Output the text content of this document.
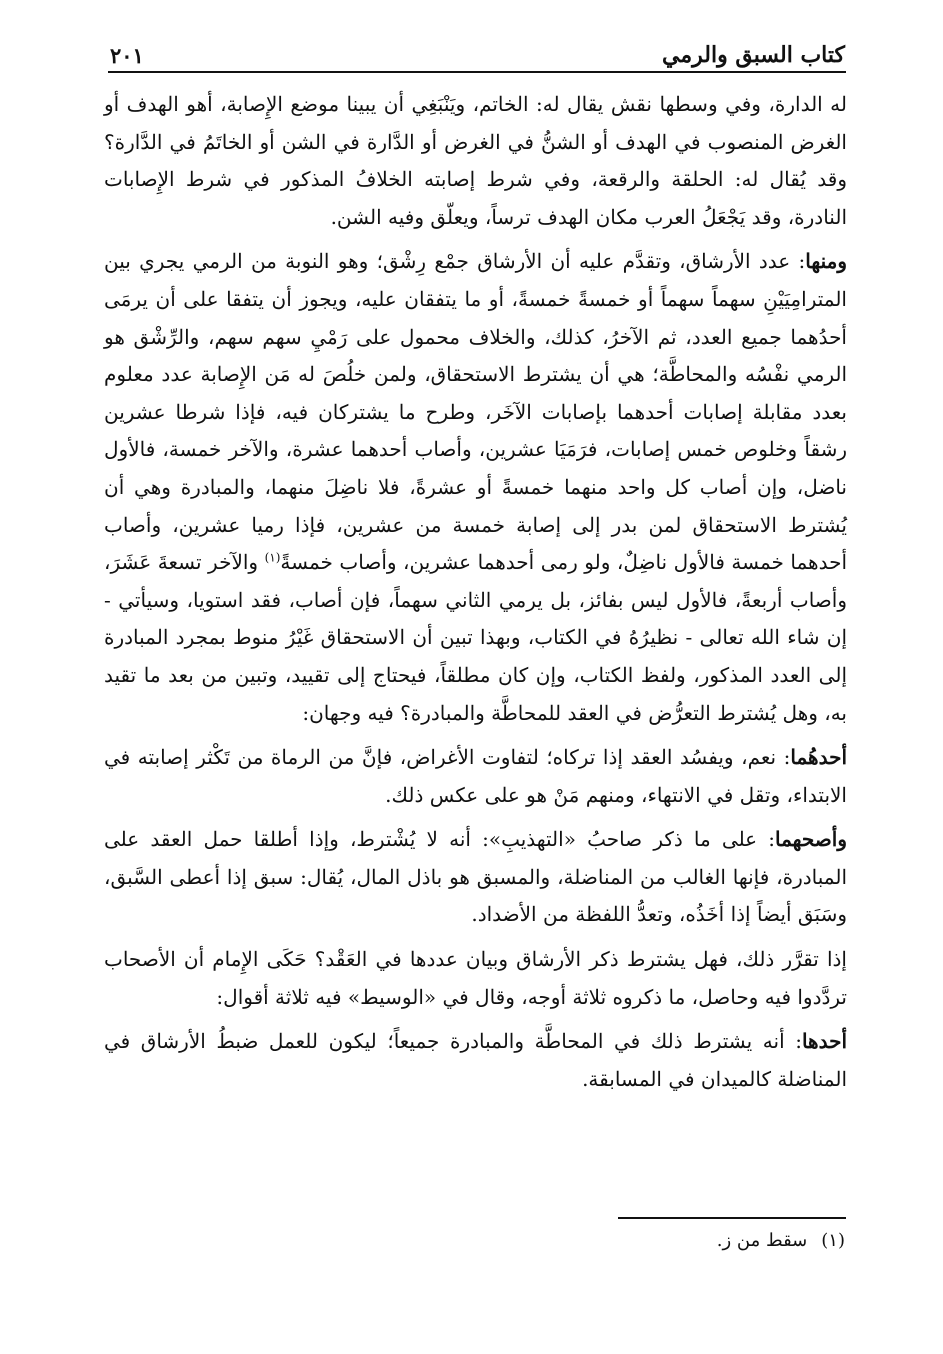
كتاب السبق والرمي
٢٠١

له الدارة، وفي وسطها نقش يقال له: الخاتم، ويَنْبَغِي أن يبينا موضع الإِصابة، أهو الهدف أو الغرض المنصوب في الهدف أو الشنُّ في الغرض أو الدَّارة في الشن أو الخاتَمُ في الدَّارة؟ وقد يُقال له: الحلقة والرقعة، وفي شرط إصابته الخلافُ المذكور في شرط الإِصابات النادرة، وقد يَجْعَلُ العرب مكان الهدف ترساً، ويعلّق وفيه الشن.

ومنها: عدد الأرشاق، وتقدَّم عليه أن الأرشاق جمْع رِشْق؛ وهو النوبة من الرمي يجري بين المترامِيَيْنِ سهماً سهماً أو خمسةً خمسةً، أو ما يتفقان عليه، ويجوز أن يتفقا على أن يرمَى أحدُهما جميع العدد، ثم الآخرُ، كذلك، والخلاف محمول على رَمْيِ سهم سهم، والرِّشْق هو الرمي نفْسُه والمحاطَّة؛ هي أن يشترط الاستحقاق، ولمن خلُصَ له مَن الإِصابة عدد معلوم بعدد مقابلة إصابات أحدهما بإصابات الآخَر، وطرح ما يشتركان فيه، فإذا شرطا عشرين رشقاً وخلوص خمس إصابات، فرَمَيَا عشرين، وأصاب أحدهما عشرة، والآخر خمسة، فالأول ناضل، وإن أصاب كل واحد منهما خمسةً أو عشرةً، فلا ناضِلَ منهما، والمبادرة وهي أن يُشترط الاستحقاق لمن بدر إلى إصابة خمسة من عشرين، فإذا رميا عشرين، وأصاب أحدهما خمسة فالأول ناضِلٌ، ولو رمى أحدهما عشرين، وأصاب خمسةً$^{(١)}$ والآخر تسعةَ عَشَرَ، وأصاب أربعةً، فالأول ليس بفائز، بل يرمي الثاني سهماً، فإن أصاب، فقد استويا، وسيأتي - إن شاء الله تعالى - نظيرُهُ في الكتاب، وبهذا تبين أن الاستحقاق غَيْرُ منوط بمجرد المبادرة إلى العدد المذكور، ولفظ الكتاب، وإن كان مطلقاً، فيحتاج إلى تقييد، وتبين من بعد ما تقيد به، وهل يُشترط التعرُّض في العقد للمحاطَّة والمبادرة؟ فيه وجهان:

أحدهُما: نعم، ويفسُد العقد إذا تركاه؛ لتفاوت الأغراض، فإنَّ من الرماة من تَكْثر إصابته في الابتداء، وتقل في الانتهاء، ومنهم مَنْ هو على عكس ذلك.

وأصحهما: على ما ذكر صاحبُ «التهذيبِ»: أنه لا يُشْترط، وإذا أطلقا حمل العقد على المبادرة، فإنها الغالب من المناضلة، والمسبق هو باذل المال، يُقال: سبق إذا أعطى السَّبق، وسَبَق أيضاً إذا أخَذُه، وتعدُّ اللفظة من الأضداد.

إذا تقرَّر ذلك، فهل يشترط ذكر الأرشاق وبيان عددها في العَقْد؟ حَكَى الإِمام أن الأصحاب تردَّدوا فيه وحاصل، ما ذكروه ثلاثة أوجه، وقال في «الوسيط» فيه ثلاثة أقوال:

أحدها: أنه يشترط ذلك في المحاطَّة والمبادرة جميعاً؛ ليكون للعمل ضبطُ الأرشاق في المناضلة كالميدان في المسابقة.

(١)سقط من ز.
